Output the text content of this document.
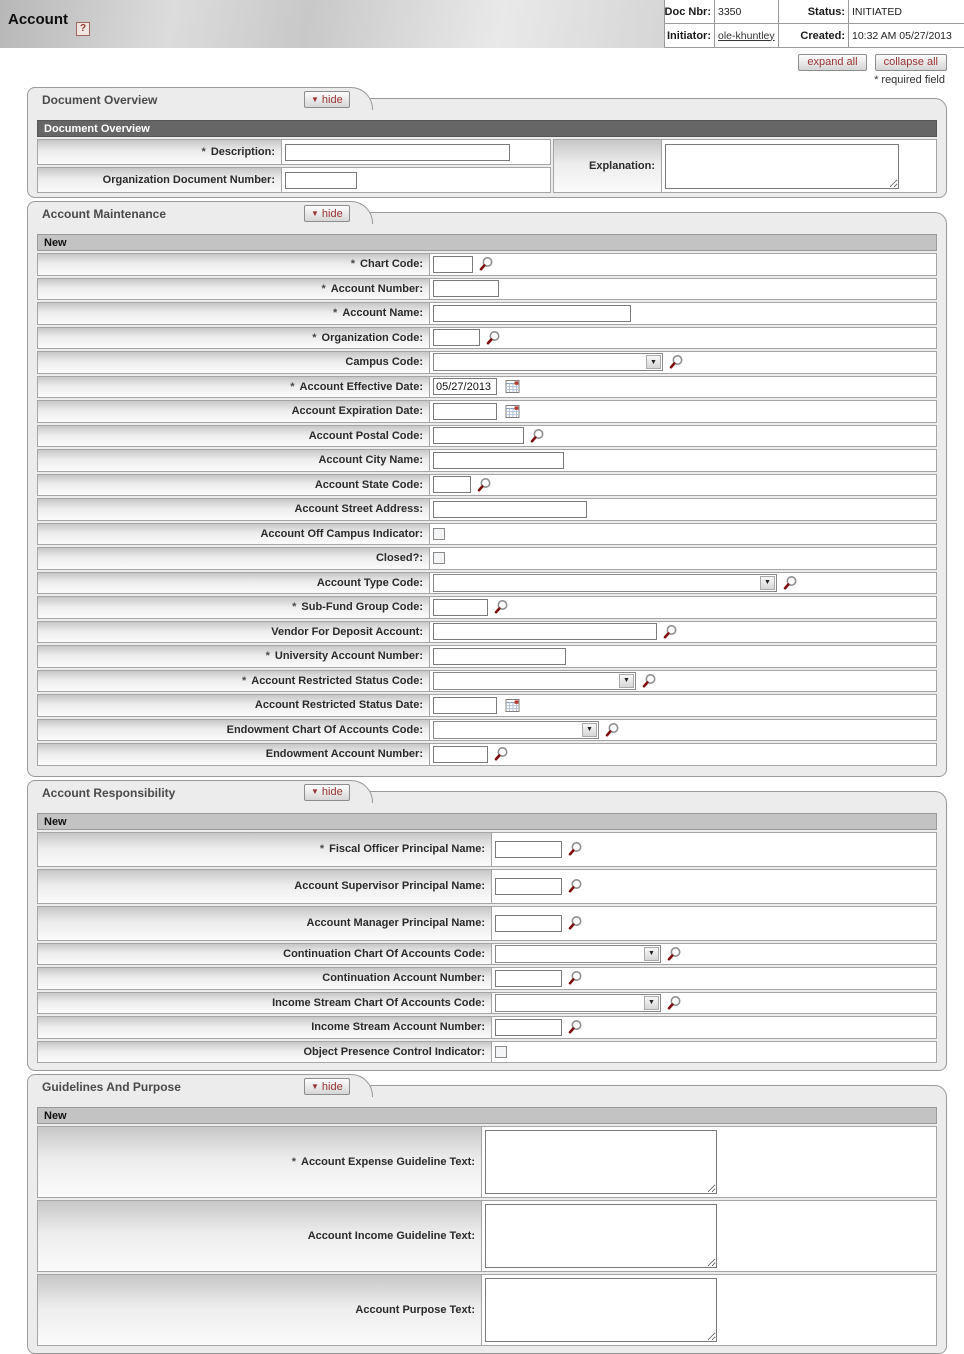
Account
?
Doc Nbr: 3350	Status: INITIATED
Initiator: ole-khuntley	Created: 10:32 AM 05/27/2013
expand all collapse all
* required field
Document Overview	▼ hide
Document Overview
* Description:
Organization Document Number:
Explanation:
Account Maintenance	▼ hide
New
* Chart Code:
* Account Number:
* Account Name:
* Organization Code:
Campus Code:	▼
* Account Effective Date:
05/27/2013
Account Expiration Date:
Account Postal Code:
Account City Name:
Account State Code:
Account Street Address:
Account Off Campus Indicator:
Closed?:
Account Type Code:	▼
* Sub-Fund Group Code:
Vendor For Deposit Account:
* University Account Number:
* Account Restricted Status Code:	▼
Account Restricted Status Date:
Endowment Chart Of Accounts Code:	▼
Endowment Account Number:
Account Responsibility	▼ hide
New
* Fiscal Officer Principal Name:
Account Supervisor Principal Name:
Account Manager Principal Name:
Continuation Chart Of Accounts Code:	▼
Continuation Account Number:
Income Stream Chart Of Accounts Code:	▼
Income Stream Account Number:
Object Presence Control Indicator:
Guidelines And Purpose	▼ hide
New
* Account Expense Guideline Text:
Account Income Guideline Text:
Account Purpose Text:
